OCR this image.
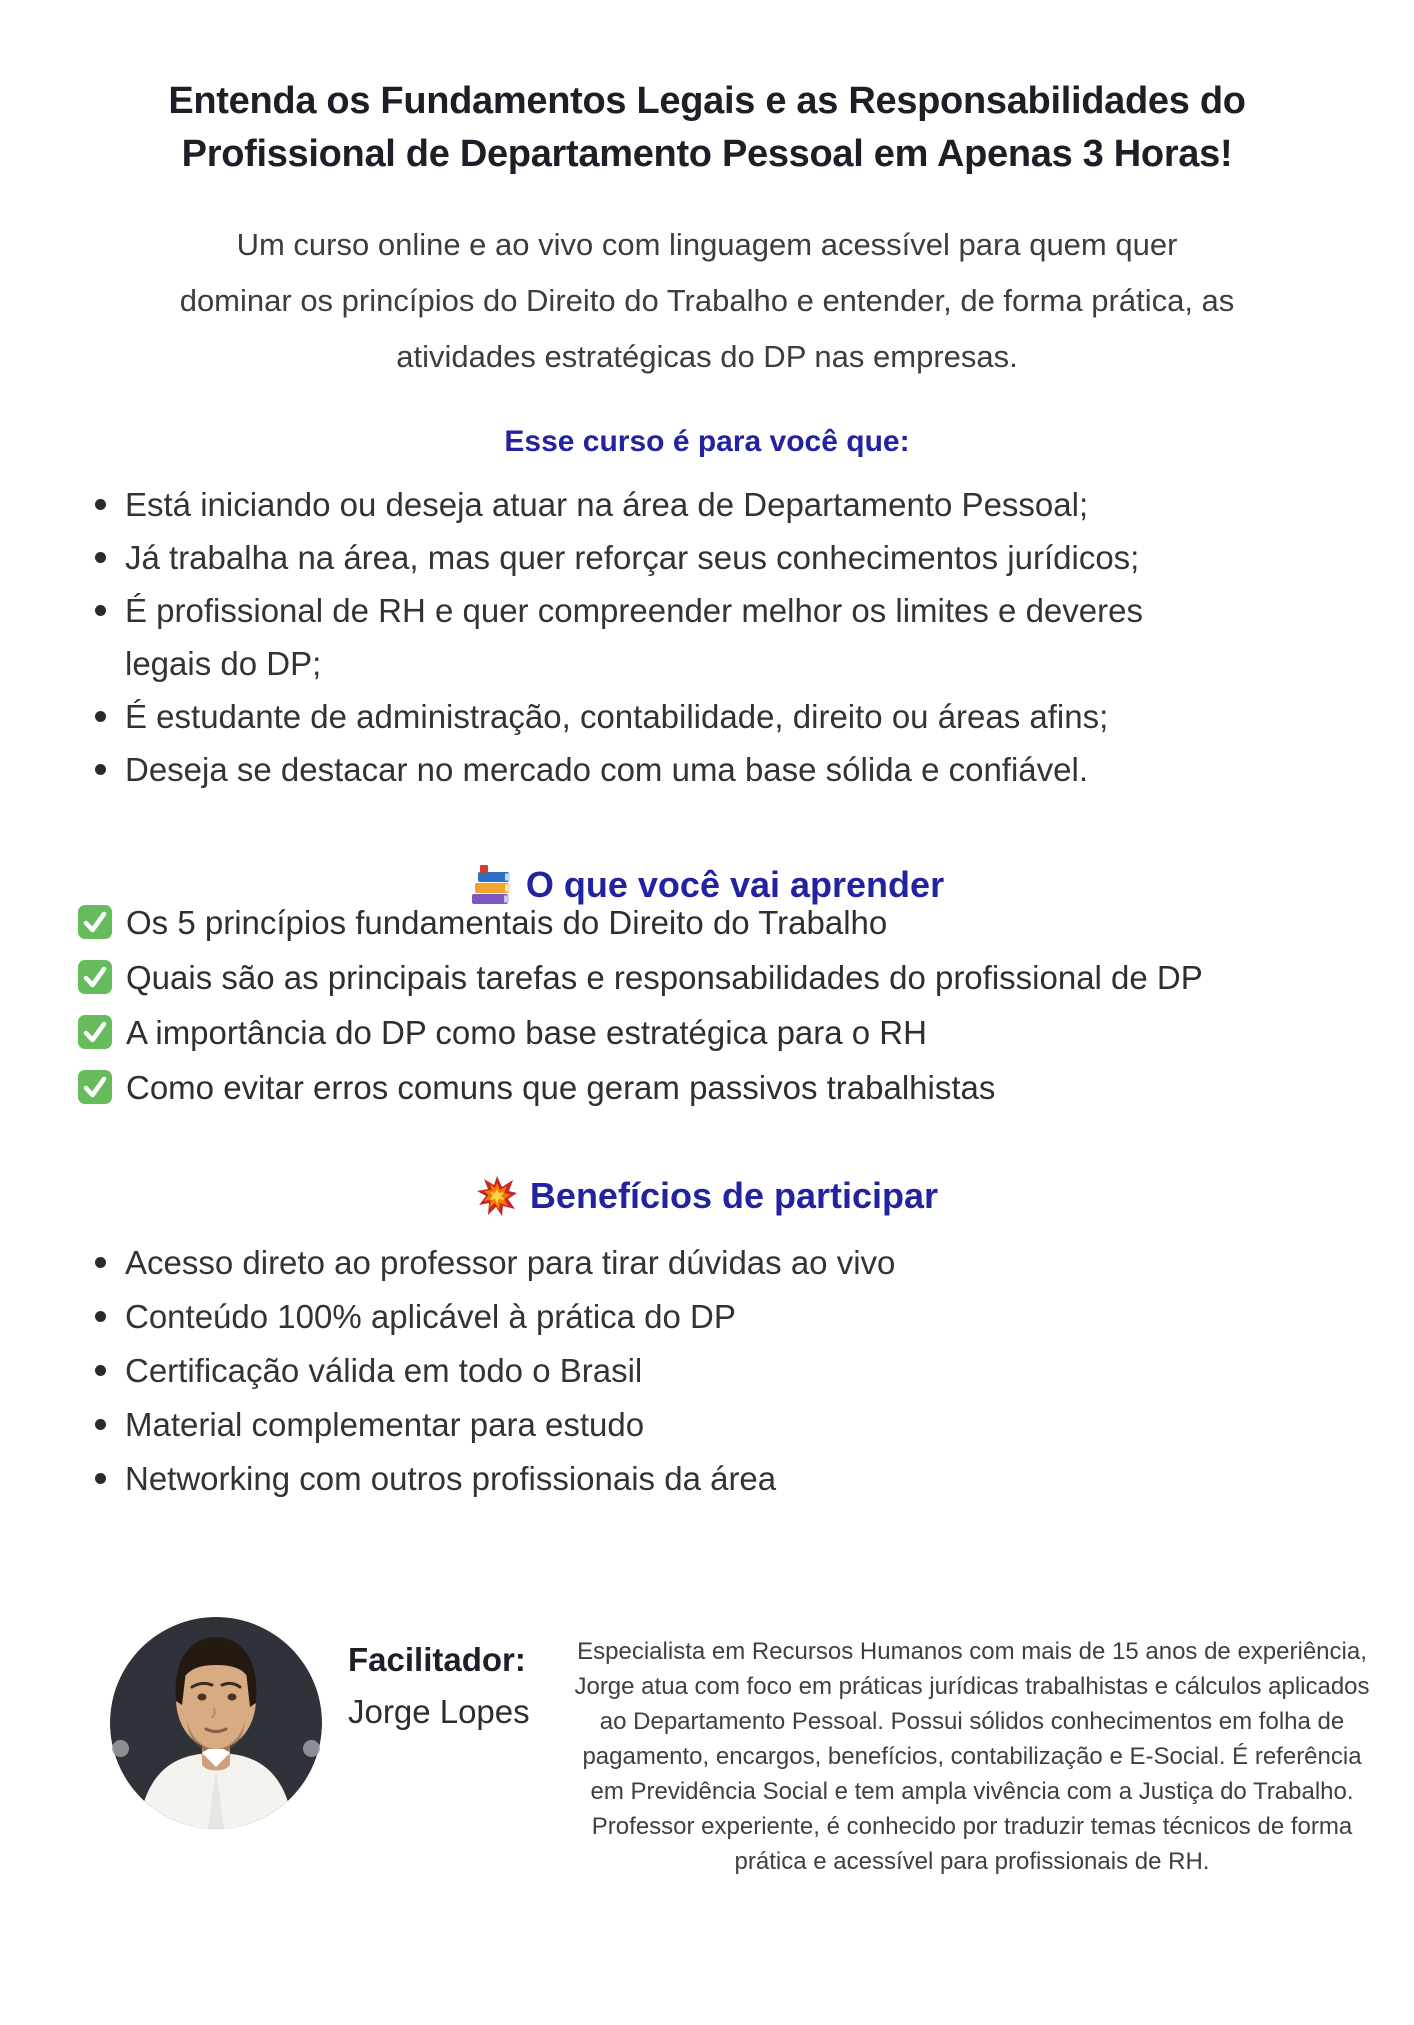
Entenda os Fundamentos Legais e as Responsabilidades do
Profissional de Departamento Pessoal em Apenas 3 Horas!

Um curso online e ao vivo com linguagem acessível para quem quer dominar os princípios do Direito do Trabalho e entender, de forma prática, as atividades estratégicas do DP nas empresas.

Esse curso é para você que:
Está iniciando ou deseja atuar na área de Departamento Pessoal;
Já trabalha na área, mas quer reforçar seus conhecimentos jurídicos;
É profissional de RH e quer compreender melhor os limites e deveres legais do DP;
É estudante de administração, contabilidade, direito ou áreas afins;
Deseja se destacar no mercado com uma base sólida e confiável.
O que você vai aprender
Os 5 princípios fundamentais do Direito do Trabalho
Quais são as principais tarefas e responsabilidades do profissional de DP
A importância do DP como base estratégica para o RH
Como evitar erros comuns que geram passivos trabalhistas
Benefícios de participar
Acesso direto ao professor para tirar dúvidas ao vivo
Conteúdo 100% aplicável à prática do DP
Certificação válida em todo o Brasil
Material complementar para estudo
Networking com outros profissionais da área
Facilitador:
Jorge Lopes

Especialista em Recursos Humanos com mais de 15 anos de experiência, Jorge atua com foco em práticas jurídicas trabalhistas e cálculos aplicados ao Departamento Pessoal. Possui sólidos conhecimentos em folha de pagamento, encargos, benefícios, contabilização e E-Social. É referência em Previdência Social e tem ampla vivência com a Justiça do Trabalho. Professor experiente, é conhecido por traduzir temas técnicos de forma prática e acessível para profissionais de RH.
